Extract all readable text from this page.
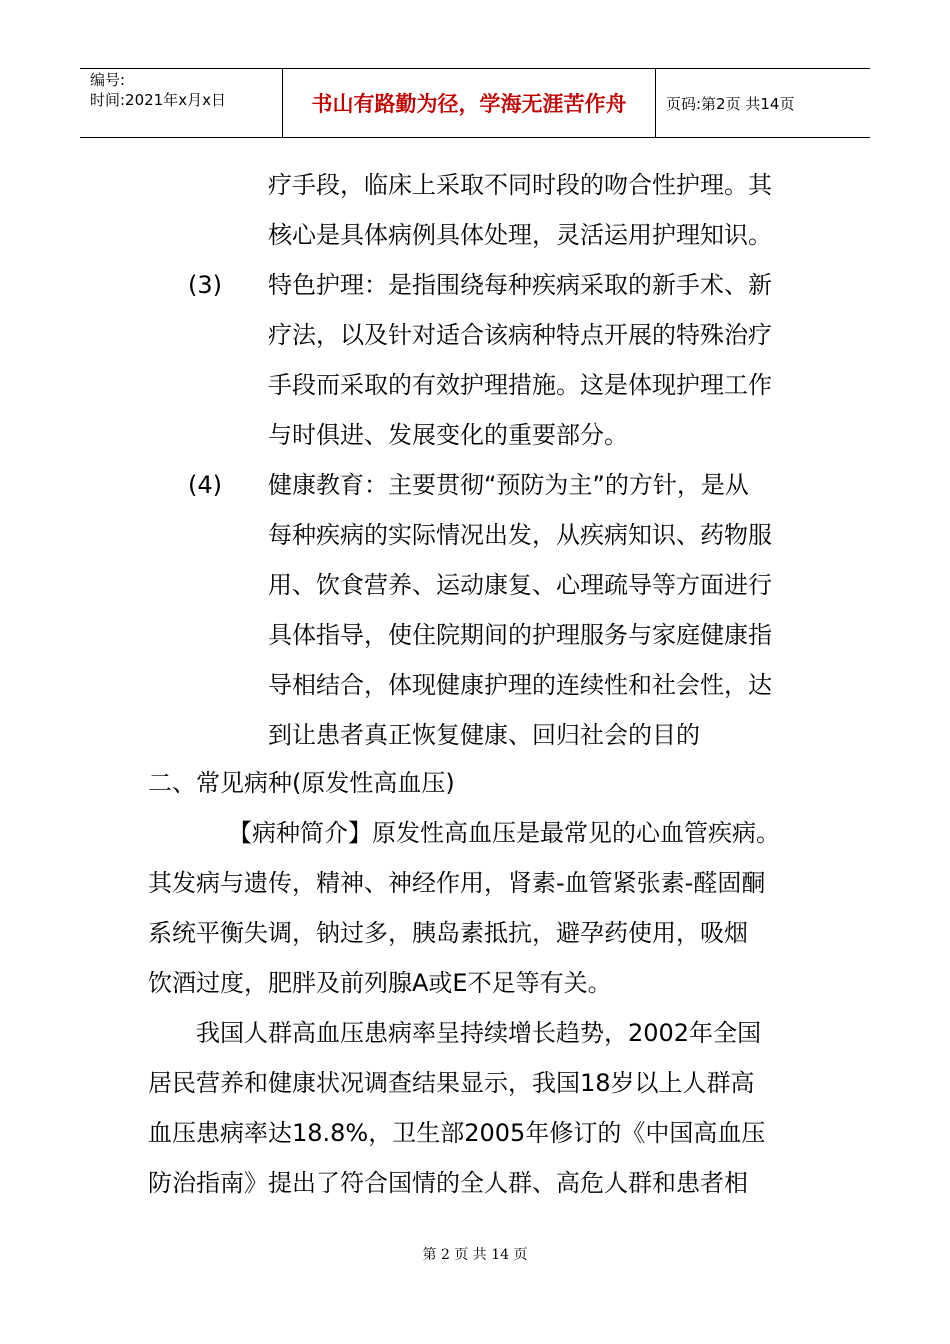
编号:
时间:2021年x月x日	书山有路勤为径，学海无涯苦作舟	页码:第2页 共14页
疗手段，临床上采取不同时段的吻合性护理。其
核心是具体病例具体处理，灵活运用护理知识。
(3) 特色护理：是指围绕每种疾病采取的新手术、新
疗法，以及针对适合该病种特点开展的特殊治疗
手段而采取的有效护理措施。这是体现护理工作
与时俱进、发展变化的重要部分。
(4) 健康教育：主要贯彻“预防为主”的方针，是从
每种疾病的实际情况出发，从疾病知识、药物服
用、饮食营养、运动康复、心理疏导等方面进行
具体指导，使住院期间的护理服务与家庭健康指
导相结合，体现健康护理的连续性和社会性，达
到让患者真正恢复健康、回归社会的目的
二、常见病种(原发性高血压)
【病种简介】原发性高血压是最常见的心血管疾病。
其发病与遗传，精神、神经作用，肾素-血管紧张素-醛固酮
系统平衡失调，钠过多，胰岛素抵抗，避孕药使用，吸烟
饮酒过度，肥胖及前列腺A或E不足等有关。
我国人群高血压患病率呈持续增长趋势，2002年全国
居民营养和健康状况调查结果显示，我国18岁以上人群高
血压患病率达18.8%，卫生部2005年修订的《中国高血压
防治指南》提出了符合国情的全人群、高危人群和患者相
第 2 页 共 14 页
